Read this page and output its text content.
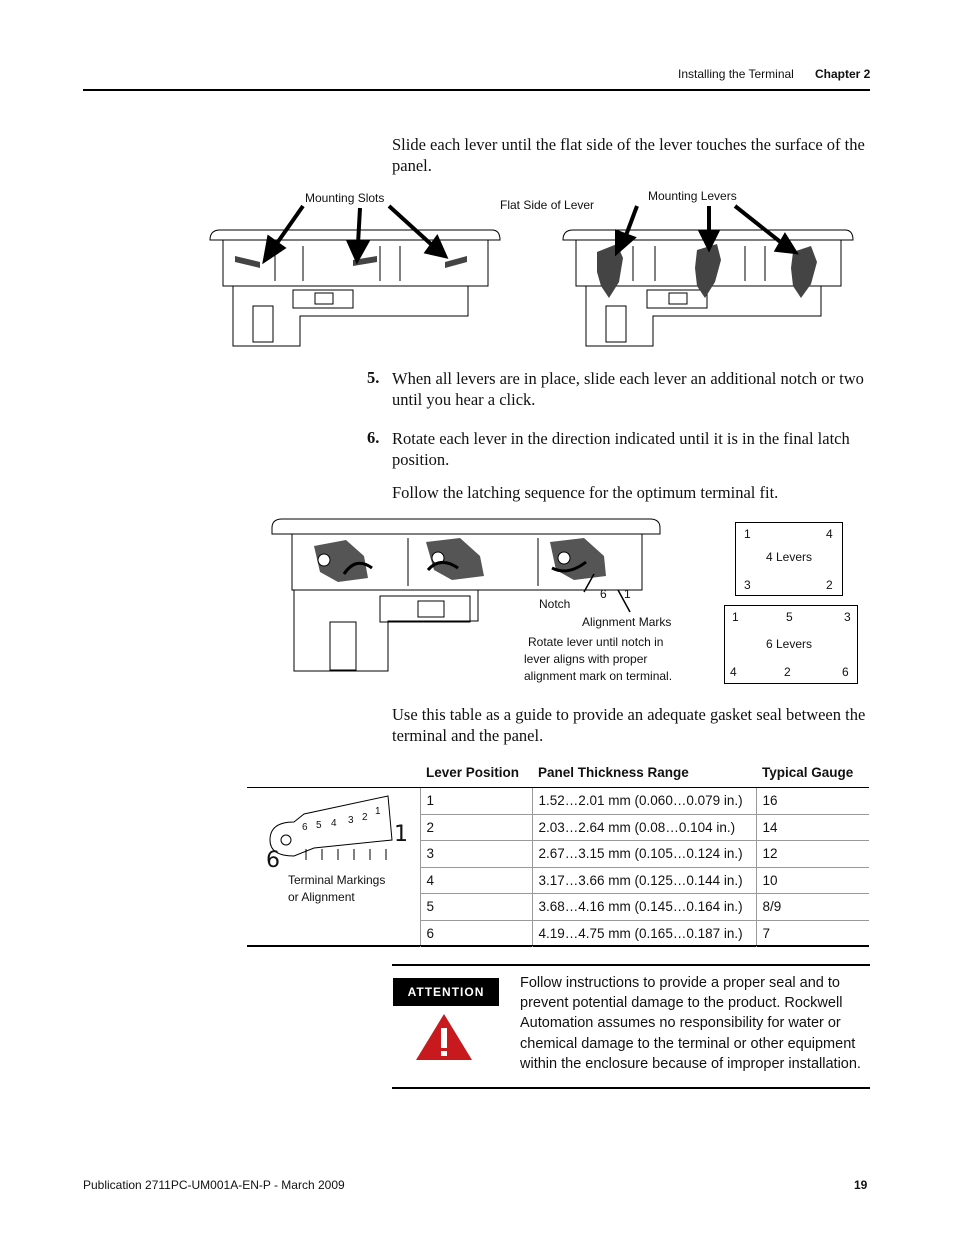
Installing the Terminal Chapter 2
Slide each lever until the flat side of the lever touches the surface of the panel.
Mounting Slots	Flat Side of Lever
Mounting Levers
5. When all levers are in place, slide each lever an additional notch or two until you hear a click.
6. Rotate each lever in the direction indicated until it is in the final latch position.
Follow the latching sequence for the optimum terminal fit.
Notch
6 1
Alignment Marks
Rotate lever until notch in
lever aligns with proper
alignment mark on terminal.
1	4
4 Levers
3	2
1	5	3
6 Levers
4	2	6
Use this table as a guide to provide an adequate gasket seal between the terminal and the panel.
	Lever Position	Panel Thickness Range	Typical Gauge
	1	1.52…2.01 mm (0.060…0.079 in.)	16
	2	2.03…2.64 mm (0.08…0.104 in.)	14
	3	2.67…3.15 mm (0.105…0.124 in.)	12
	4	3.17…3.66 mm (0.125…0.144 in.)	10
	5	3.68…4.16 mm (0.145…0.164 in.)	8/9
	6	4.19…4.75 mm (0.165…0.187 in.)	7
6 5 4 3 2
1
6
1
Terminal Markings
or Alignment
ATTENTION
Follow instructions to provide a proper seal and to prevent potential damage to the product. Rockwell Automation assumes no responsibility for water or chemical damage to the terminal or other equipment within the enclosure because of improper installation.
Publication 2711PC-UM001A-EN-P - March 2009	19
